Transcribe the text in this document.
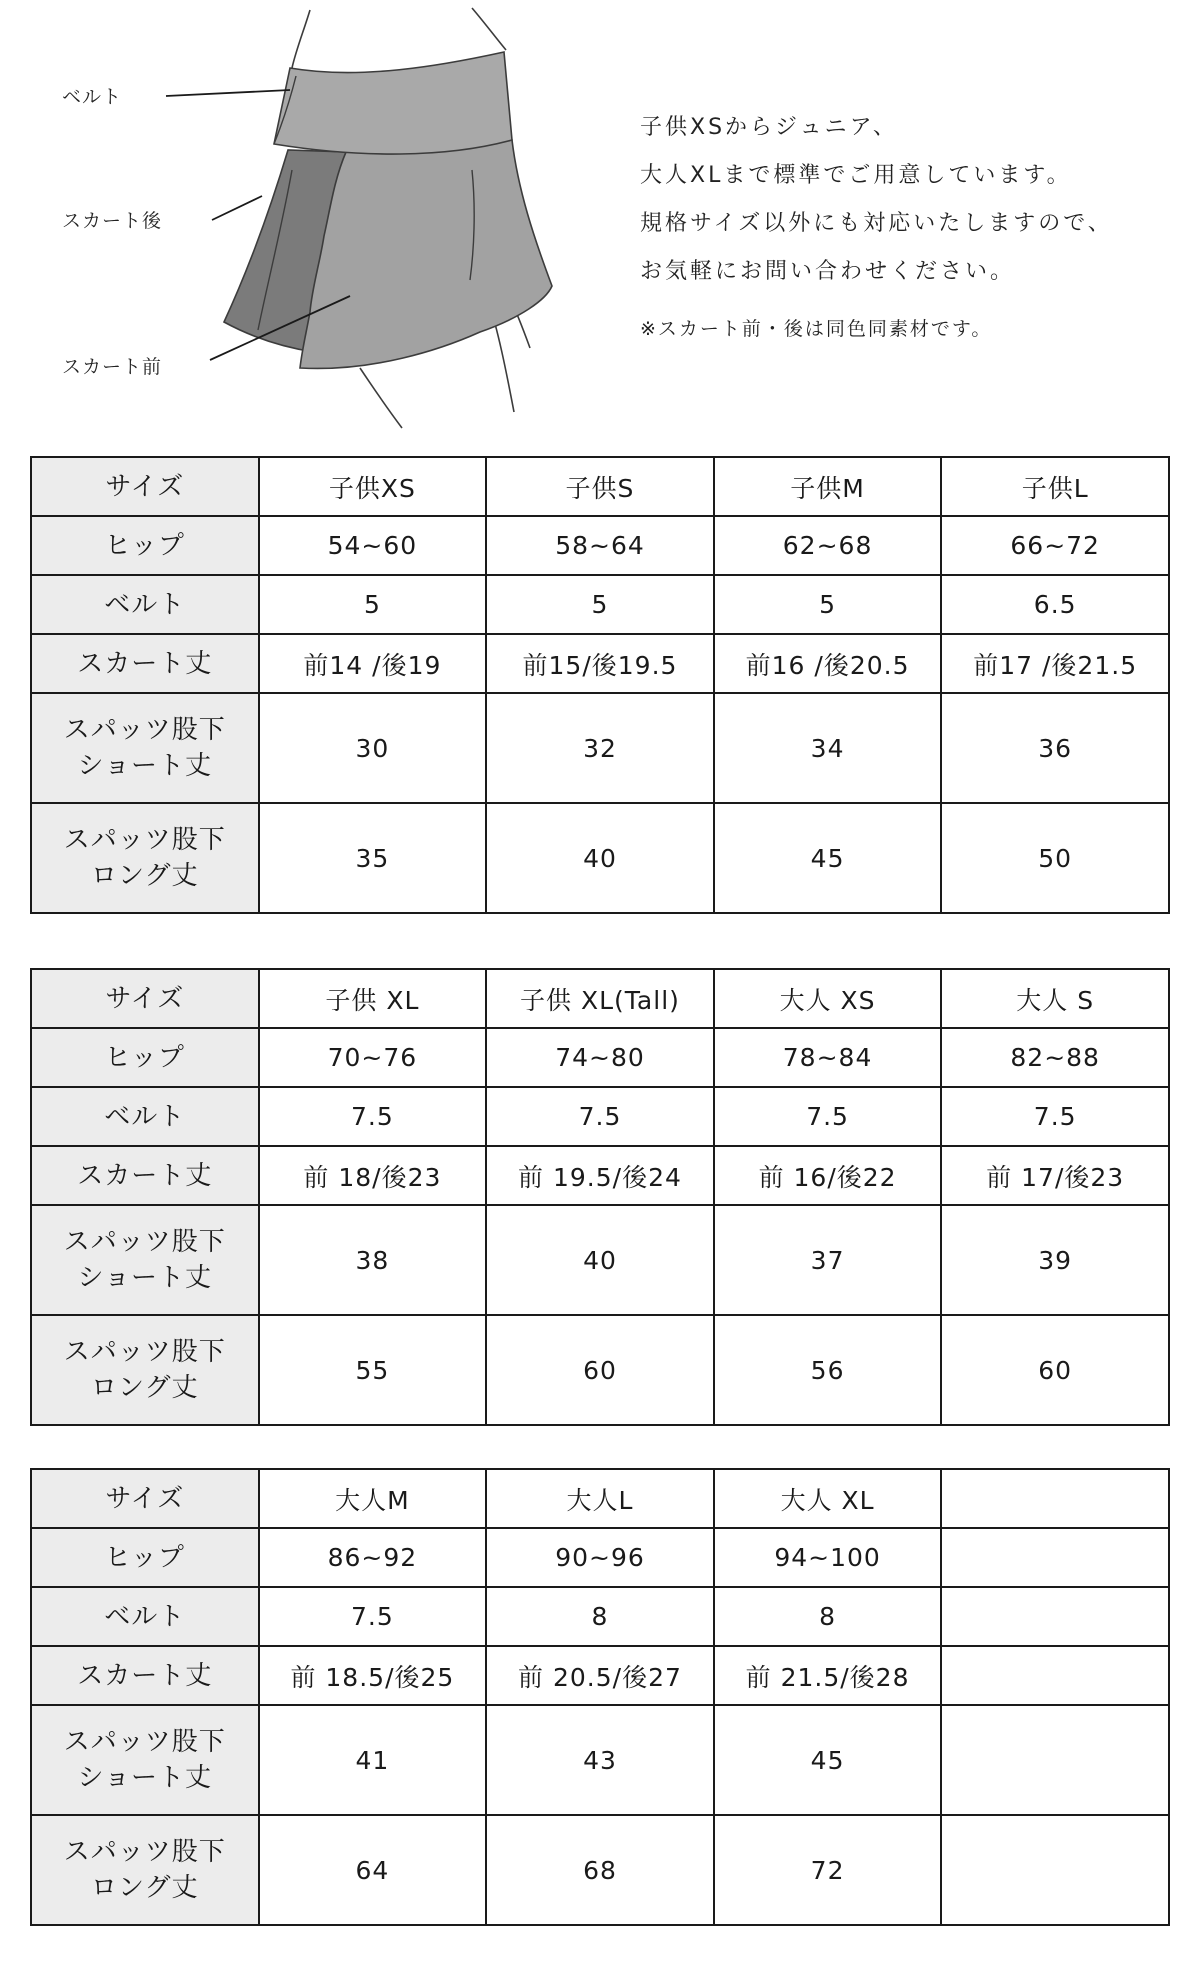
ベルト
スカート後
スカート前

子供XSからジュニア、

大人XLまで標準でご用意しています。

規格サイズ以外にも対応いたしますので、

お気軽にお問い合わせください。

※スカート前・後は同色同素材です。

サイズ	子供XS	子供S	子供M	子供L
ヒップ	54~60	58~64	62~68	66~72
ベルト	5	5	5	6.5
スカート丈	前14 /後19	前15/後19.5	前16 /後20.5	前17 /後21.5
スパッツ股下
ショート丈	30	32	34	36
スパッツ股下
ロング丈	35	40	45	50
サイズ	子供 XL	子供 XL(Tall)	大人 XS	大人 S
ヒップ	70~76	74~80	78~84	82~88
ベルト	7.5	7.5	7.5	7.5
スカート丈	前 18/後23	前 19.5/後24	前 16/後22	前 17/後23
スパッツ股下
ショート丈	38	40	37	39
スパッツ股下
ロング丈	55	60	56	60
サイズ	大人M	大人L	大人 XL	
ヒップ	86~92	90~96	94~100	
ベルト	7.5	8	8	
スカート丈	前 18.5/後25	前 20.5/後27	前 21.5/後28	
スパッツ股下
ショート丈	41	43	45	
スパッツ股下
ロング丈	64	68	72	
